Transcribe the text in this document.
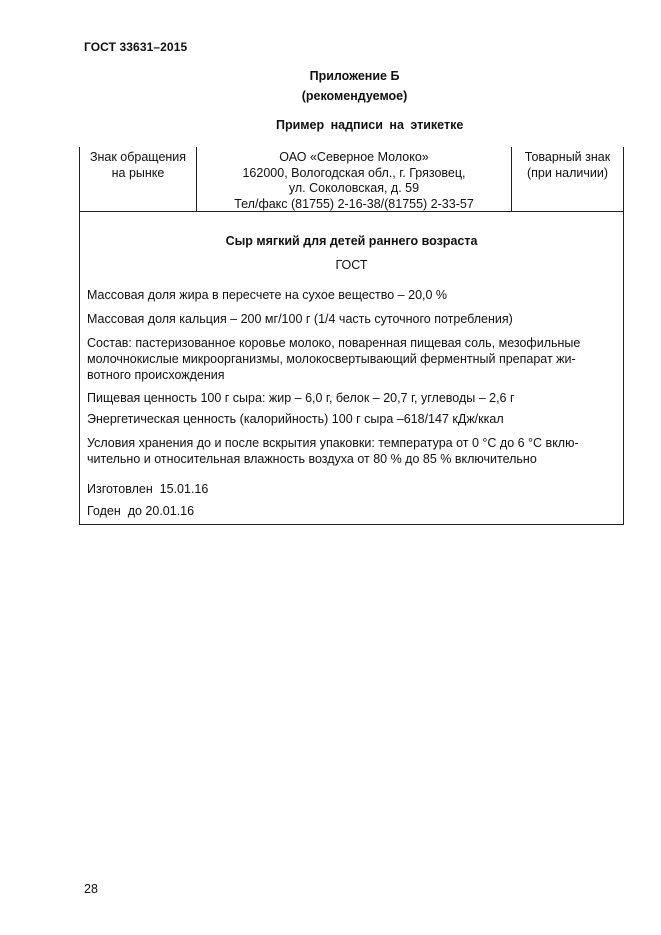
ГОСТ 33631–2015
Приложение Б
(рекомендуемое)
Пример надписи на этикетке
Знак обращения
на рынке
ОАО «Северное Молоко»
162000, Вологодская обл., г. Грязовец,
ул. Соколовская, д. 59
Тел/факс (81755) 2-16-38/(81755) 2-33-57
Товарный знак
(при наличии)
Сыр мягкий для детей раннего возраста
ГОСТ
Массовая доля жира в пересчете на сухое вещество – 20,0 %
Массовая доля кальция – 200 мг/100 г (1/4 часть суточного потребления)
Состав: пастеризованное коровье молоко, поваренная пищевая соль, мезофильные
молочнокислые микроорганизмы, молокосвертывающий ферментный препарат жи-
вотного происхождения
Пищевая ценность 100 г сыра: жир – 6,0 г, белок – 20,7 г, углеводы – 2,6 г
Энергетическая ценность (калорийность) 100 г сыра –618/147 кДж/ккал
Условия хранения до и после вскрытия упаковки: температура от 0 °С до 6 °С вклю-
чительно и относительная влажность воздуха от 80 % до 85 % включительно
Изготовлен  15.01.16
Годен  до 20.01.16
28
